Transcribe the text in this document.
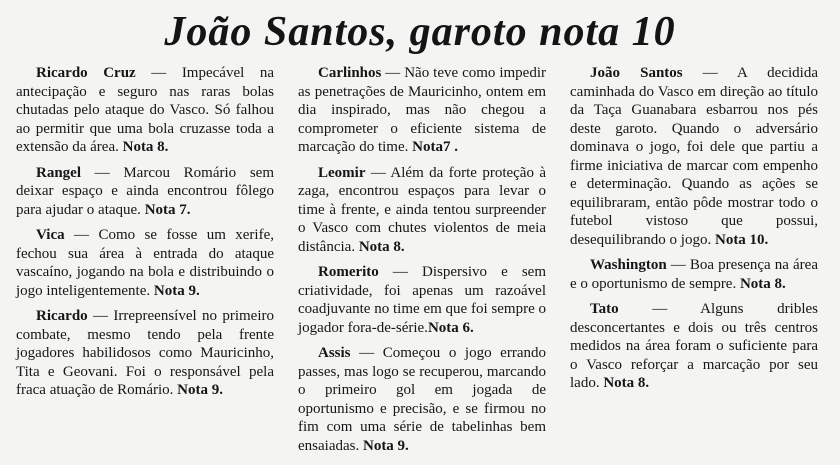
João Santos, garoto nota 10

Ricardo Cruz — Impecável na antecipação e seguro nas raras bolas chutadas pelo ataque do Vasco. Só falhou ao permitir que uma bola cruzasse toda a extensão da área. Nota 8.

Rangel — Marcou Romário sem deixar espaço e ainda encontrou fôlego para ajudar o ataque. Nota 7.

Vica — Como se fosse um xerife, fechou sua área à entrada do ataque vascaíno, jogando na bola e distribuindo o jogo inteligentemente. Nota 9.

Ricardo — Irrepreensível no primeiro combate, mesmo tendo pela frente jogadores habilidosos como Mauricinho, Tita e Geovani. Foi o responsável pela fraca atuação de Romário. Nota 9.

Carlinhos — Não teve como impedir as penetrações de Mauricinho, ontem em dia inspirado, mas não chegou a comprometer o eficiente sistema de marcação do time. Nota7 .

Leomir — Além da forte proteção à zaga, encontrou espaços para levar o time à frente, e ainda tentou surpreender o Vasco com chutes violentos de meia distância. Nota 8.

Romerito — Dispersivo e sem criatividade, foi apenas um razoável coadjuvante no time em que foi sempre o jogador fora-de-série.Nota 6.

Assis — Começou o jogo errando passes, mas logo se recuperou, marcando o primeiro gol em jogada de oportunismo e precisão, e se firmou no fim com uma série de tabelinhas bem ensaiadas. Nota 9.

João Santos — A decidida caminhada do Vasco em direção ao título da Taça Guanabara esbarrou nos pés deste garoto. Quando o adversário dominava o jogo, foi dele que partiu a firme iniciativa de marcar com empenho e determinação. Quando as ações se equilibraram, então pôde mostrar todo o futebol vistoso que possui, desequilibrando o jogo. Nota 10.

Washington — Boa presença na área e o oportunismo de sempre. Nota 8.

Tato — Alguns dribles desconcertantes e dois ou três centros medidos na área foram o suficiente para o Vasco reforçar a marcação por seu lado. Nota 8.
